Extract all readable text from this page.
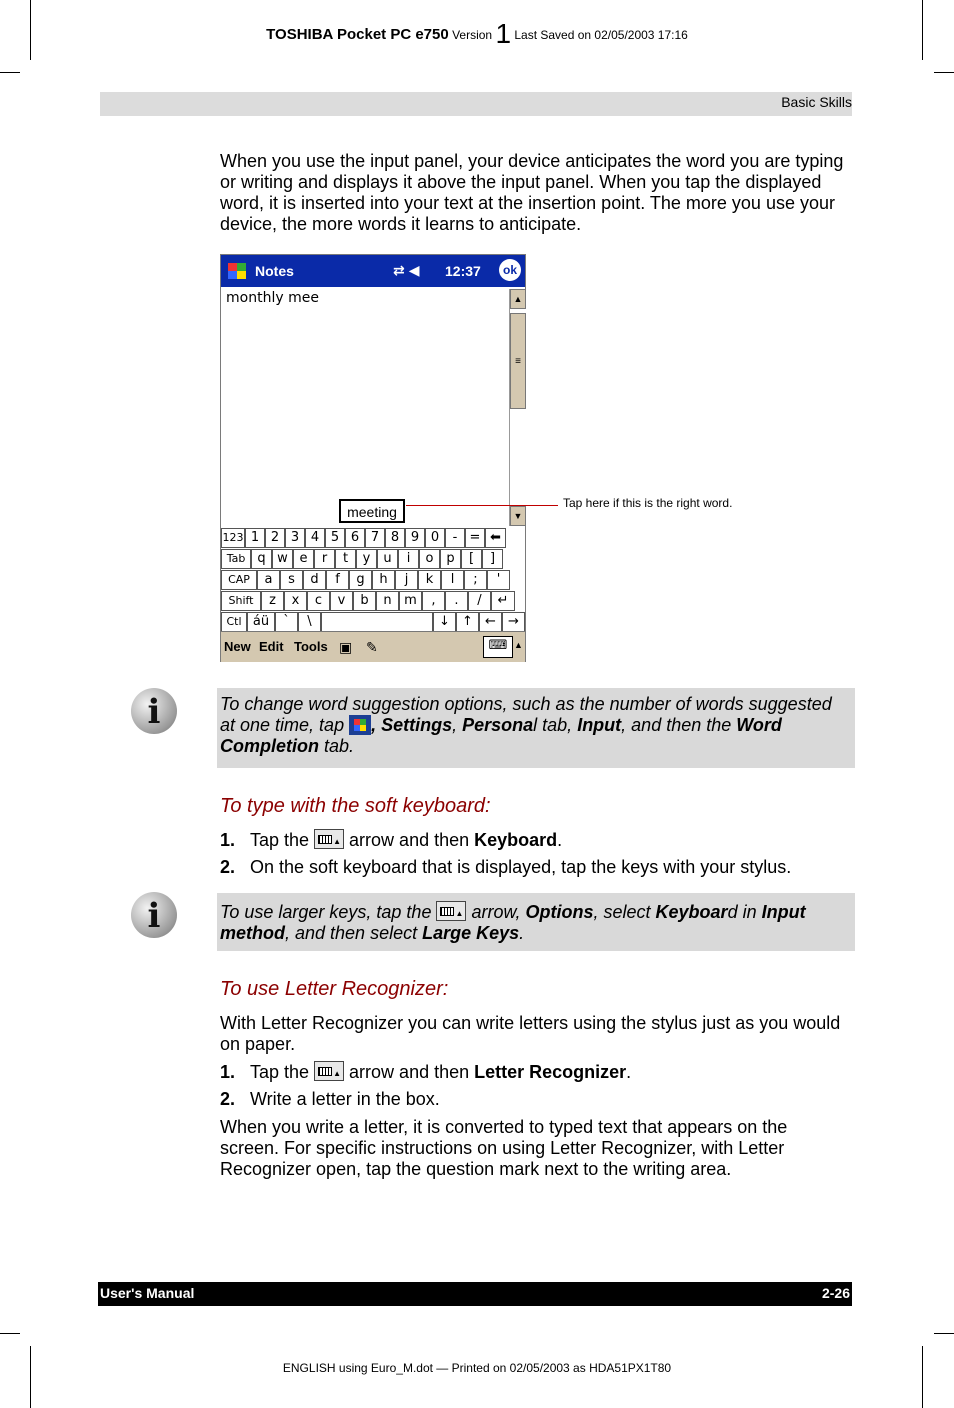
TOSHIBA Pocket PC e750 Version 1 Last Saved on 02/05/2003 17:16
Basic Skills

When you use the input panel, your device anticipates the word you are typing or writing and displays it above the input panel. When you tap the displayed word, it is inserted into your text at the insertion point. The more you use your device, the more words it learns to anticipate.

Notes	⇄◀ 12:37	ok
monthly mee	▲
≡
▼
meeting
123 1 2 3 4 5 6 7 8 9 0	- = ⬅
Tab q w e	r	t	y	u	i	o p	[	]
CAP	a	s	d	f	g	h	j	k	l	;	'
Shift	z	x	c	v	b	n m	,	.	/	↵
Ctl áü	`	\	↓ ↑ ← →
New Edit Tools ▣ ✎	⌨ ▲
Tap here if this is the right word.
i	To change word suggestion options, such as the number of words suggested at one time, tap , Settings, Personal tab, Input, and then the Word Completion tab.

To type with the soft keyboard:
1. Tap the ▲ arrow and then Keyboard.
2. On the soft keyboard that is displayed, tap the keys with your stylus.
i	To use larger keys, tap the ▲ arrow, Options, select Keyboard in Input method, and then select Large Keys.

To use Letter Recognizer:

With Letter Recognizer you can write letters using the stylus just as you would on paper.

1. Tap the ▲ arrow and then Letter Recognizer.
2. Write a letter in the box.

When you write a letter, it is converted to typed text that appears on the screen. For specific instructions on using Letter Recognizer, with Letter Recognizer open, tap the question mark next to the writing area.

User's Manual	2-26
ENGLISH using Euro_M.dot — Printed on 02/05/2003 as HDA51PX1T80
